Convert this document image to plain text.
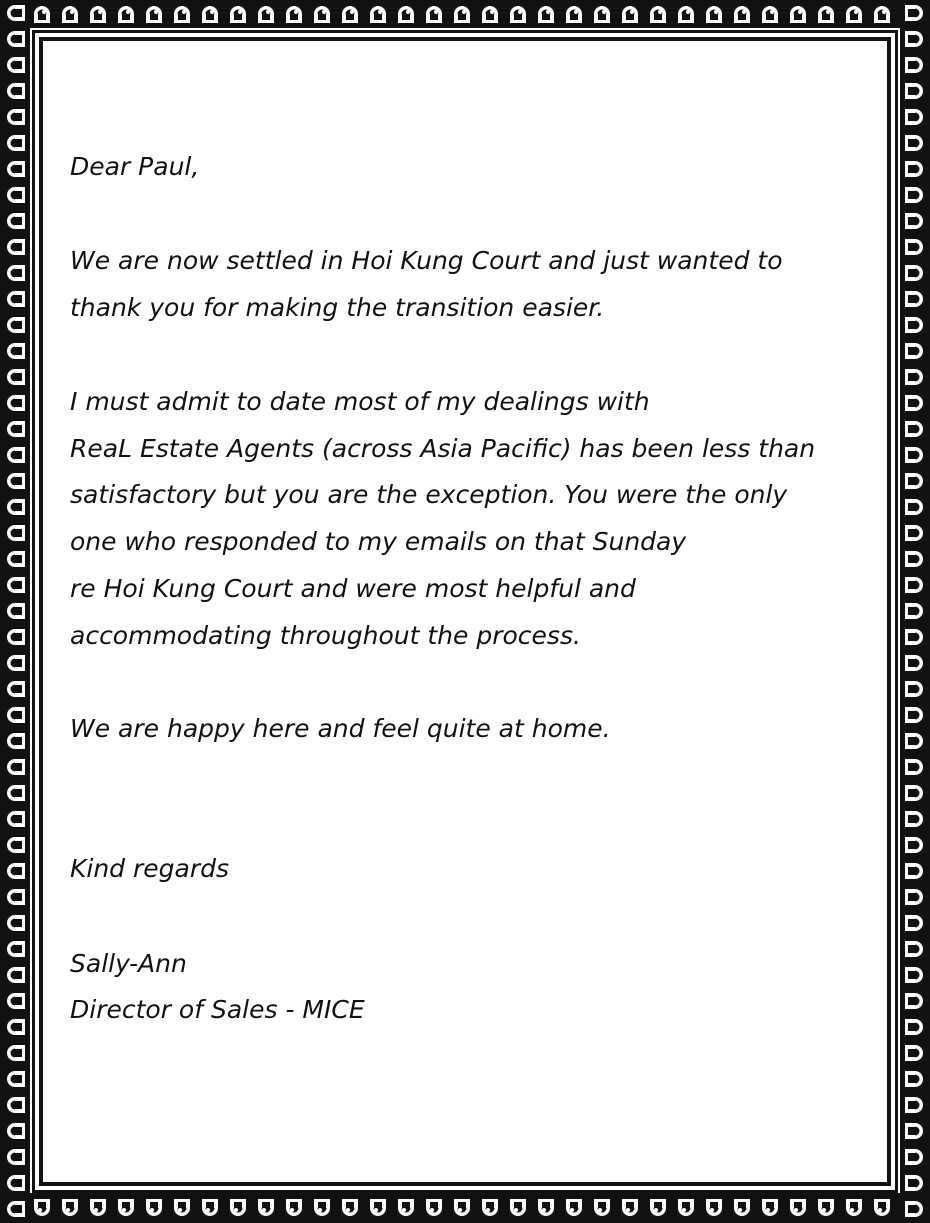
Dear Paul,

We are now settled in Hoi Kung Court and just wanted to

thank you for making the transition easier.

I must admit to date most of my dealings with

ReaL Estate Agents (across Asia Pacific) has been less than

satisfactory but you are the exception. You were the only

one who responded to my emails on that Sunday

re Hoi Kung Court and were most helpful and

accommodating throughout the process.

We are happy here and feel quite at home.

Kind regards

Sally-Ann

Director of Sales - MICE
